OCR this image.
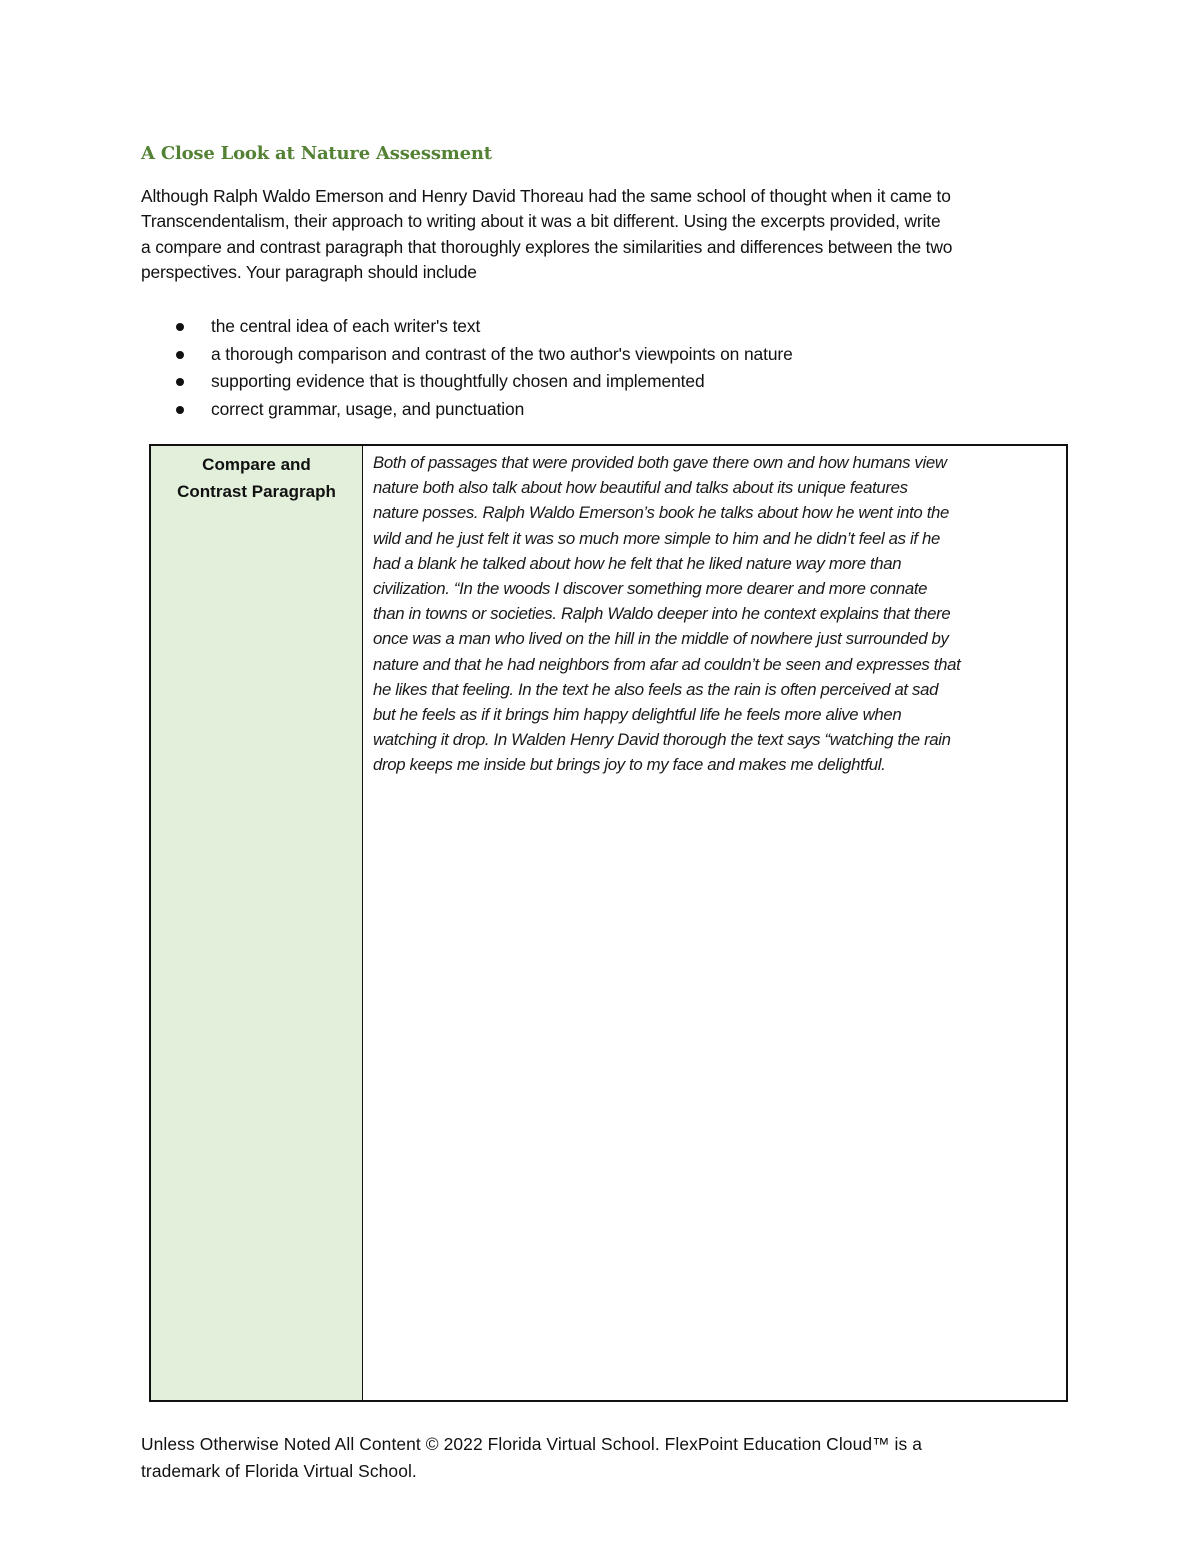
A Close Look at Nature Assessment
Although Ralph Waldo Emerson and Henry David Thoreau had the same school of thought when it came to
Transcendentalism, their approach to writing about it was a bit different. Using the excerpts provided, write
a compare and contrast paragraph that thoroughly explores the similarities and differences between the two
perspectives. Your paragraph should include
the central idea of each writer's text
a thorough comparison and contrast of the two author's viewpoints on nature
supporting evidence that is thoughtfully chosen and implemented
correct grammar, usage, and punctuation
Compare and
Contrast Paragraph
Both of passages that were provided both gave there own and how humans view
nature both also talk about how beautiful and talks about its unique features
nature posses. Ralph Waldo Emerson’s book he talks about how he went into the
wild and he just felt it was so much more simple to him and he didn’t feel as if he
had a blank he talked about how he felt that he liked nature way more than
civilization. “In the woods I discover something more dearer and more connate
than in towns or societies. Ralph Waldo deeper into he context explains that there
once was a man who lived on the hill in the middle of nowhere just surrounded by
nature and that he had neighbors from afar ad couldn’t be seen and expresses that
he likes that feeling. In the text he also feels as the rain is often perceived at sad
but he feels as if it brings him happy delightful life he feels more alive when
watching it drop. In Walden Henry David thorough the text says “watching the rain
drop keeps me inside but brings joy to my face and makes me delightful.
Unless Otherwise Noted All Content © 2022 Florida Virtual School. FlexPoint Education Cloud™ is a
trademark of Florida Virtual School.
